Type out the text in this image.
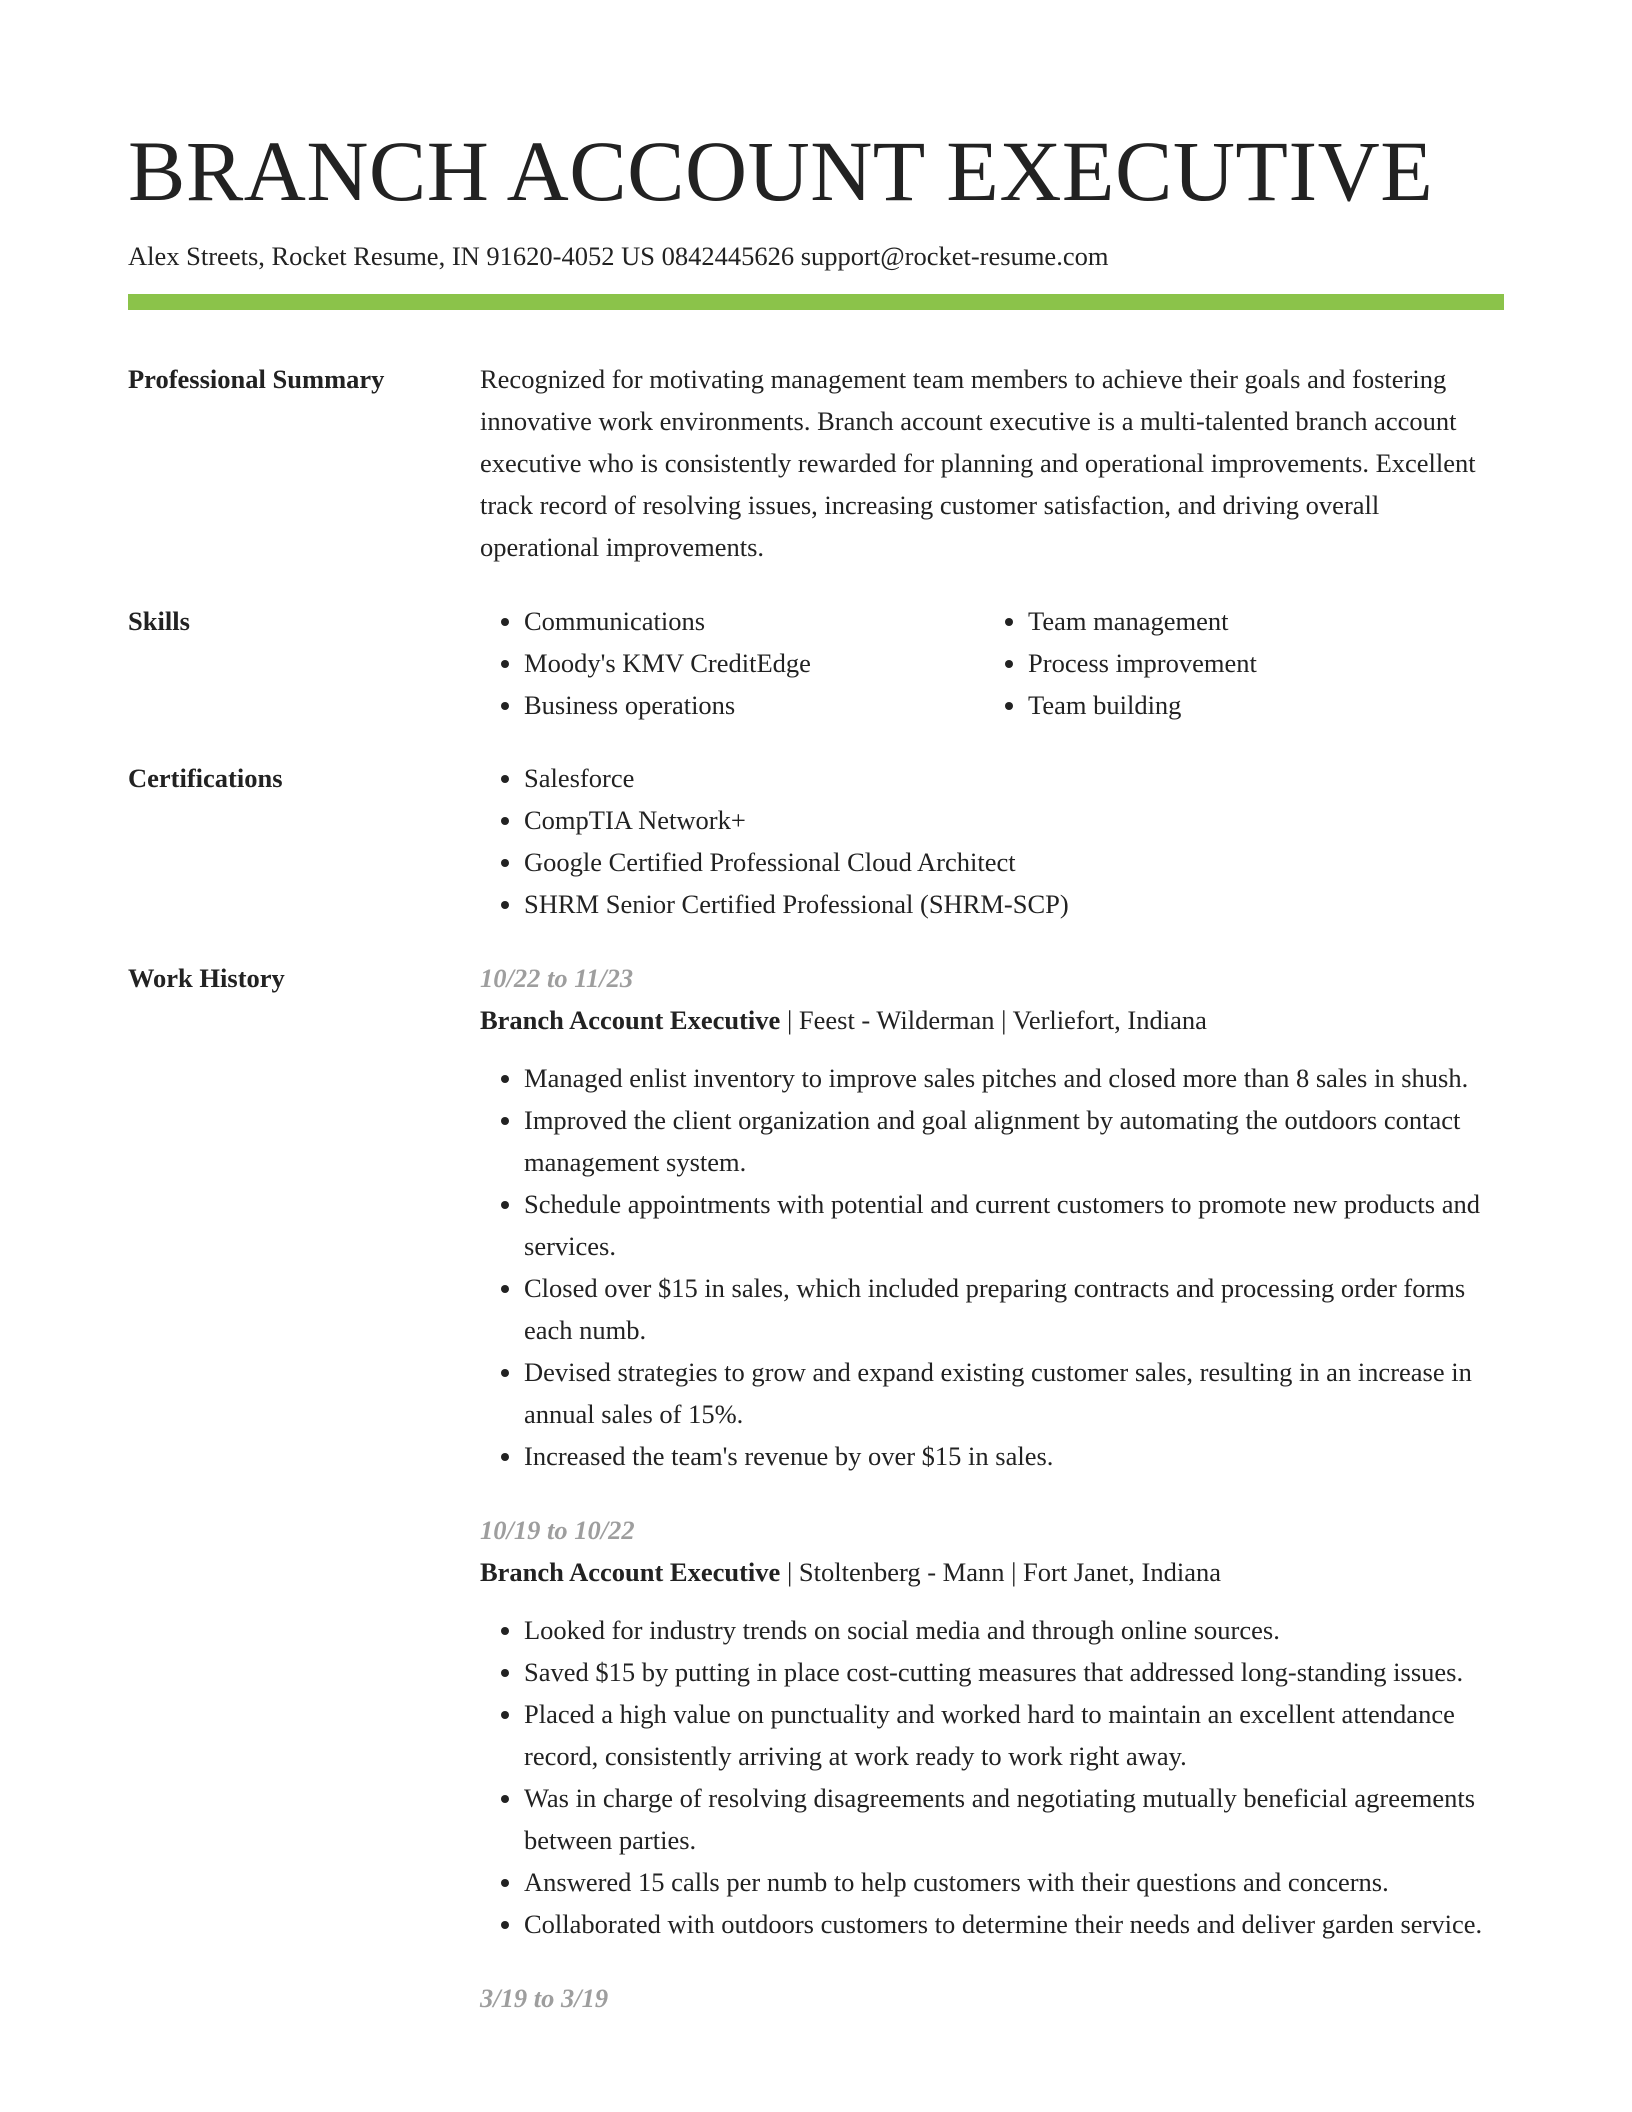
BRANCH ACCOUNT EXECUTIVE
Alex Streets, Rocket Resume, IN 91620-4052 US 0842445626 support@rocket-resume.com
Professional Summary	Recognized for motivating management team members to achieve their goals and fostering innovative work environments. Branch account executive is a multi-talented branch account executive who is consistently rewarded for planning and operational improvements. Excellent track record of resolving issues, increasing customer satisfaction, and driving overall operational improvements.

Skills	• Communications
• Moody's KMV CreditEdge
• Business operations
• Team management
• Process improvement
• Team building
Certifications	• Salesforce
• CompTIA Network+
• Google Certified Professional Cloud Architect
• SHRM Senior Certified Professional (SHRM-SCP)
Work History	10/22 to 11/23
Branch Account Executive | Feest - Wilderman | Verliefort, Indiana
• Managed enlist inventory to improve sales pitches and closed more than 8 sales in shush.
• Improved the client organization and goal alignment by automating the outdoors contact management system.
• Schedule appointments with potential and current customers to promote new products and services.
• Closed over $15 in sales, which included preparing contracts and processing order forms each numb.
• Devised strategies to grow and expand existing customer sales, resulting in an increase in annual sales of 15%.
• Increased the team's revenue by over $15 in sales.
10/19 to 10/22
Branch Account Executive | Stoltenberg - Mann | Fort Janet, Indiana
• Looked for industry trends on social media and through online sources.
• Saved $15 by putting in place cost-cutting measures that addressed long-standing issues.
• Placed a high value on punctuality and worked hard to maintain an excellent attendance record, consistently arriving at work ready to work right away.
• Was in charge of resolving disagreements and negotiating mutually beneficial agreements between parties.
• Answered 15 calls per numb to help customers with their questions and concerns.
• Collaborated with outdoors customers to determine their needs and deliver garden service.
3/19 to 3/19
